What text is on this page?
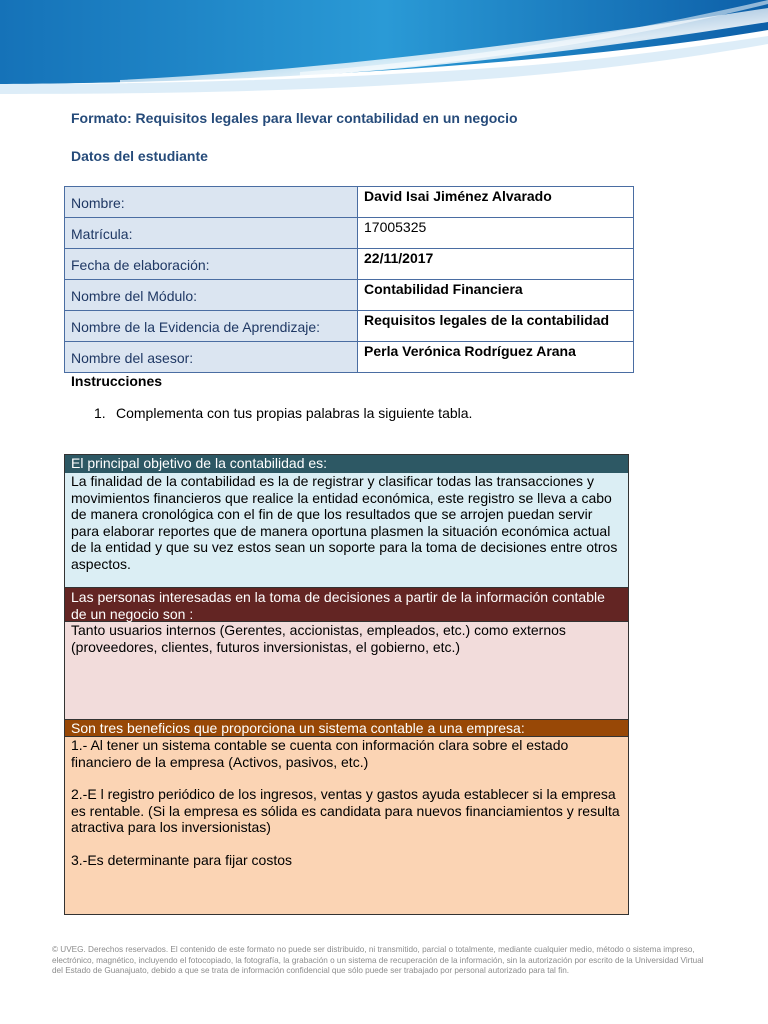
Formato: Requisitos legales para llevar contabilidad en un negocio
Datos del estudiante
Nombre:	David Isai Jiménez Alvarado
Matrícula:	17005325
Fecha de elaboración:	22/11/2017
Nombre del Módulo:	Contabilidad Financiera
Nombre de la Evidencia de Aprendizaje:	Requisitos legales de la contabilidad
Nombre del asesor:	Perla Verónica Rodríguez Arana
Instrucciones
1. Complementa con tus propias palabras la siguiente tabla.
El principal objetivo de la contabilidad es:
La finalidad de la contabilidad es la de registrar y clasificar todas las transacciones y movimientos financieros que realice la entidad económica, este registro se lleva a cabo de manera cronológica con el fin de que los resultados que se arrojen puedan servir para elaborar reportes que de manera oportuna plasmen la situación económica actual de la entidad y que su vez estos sean un soporte para la toma de decisiones entre otros aspectos.
Las personas interesadas en la toma de decisiones a partir de la información contable de un negocio son :
Tanto usuarios internos (Gerentes, accionistas, empleados, etc.) como externos (proveedores, clientes, futuros inversionistas, el gobierno, etc.)
Son tres beneficios que proporciona un sistema contable a una empresa:

1.- Al tener un sistema contable se cuenta con información clara sobre el estado financiero de la empresa (Activos, pasivos, etc.)

2.-E l registro periódico de los ingresos, ventas y gastos ayuda establecer si la empresa es rentable. (Si la empresa es sólida es candidata para nuevos financiamientos y resulta atractiva para los inversionistas)

3.-Es determinante para fijar costos

© UVEG. Derechos reservados. El contenido de este formato no puede ser distribuido, ni transmitido, parcial o totalmente, mediante cualquier medio, método o sistema impreso, electrónico, magnético, incluyendo el fotocopiado, la fotografía, la grabación o un sistema de recuperación de la información, sin la autorización por escrito de la Universidad Virtual del Estado de Guanajuato, debido a que se trata de información confidencial que sólo puede ser trabajado por personal autorizado para tal fin.
